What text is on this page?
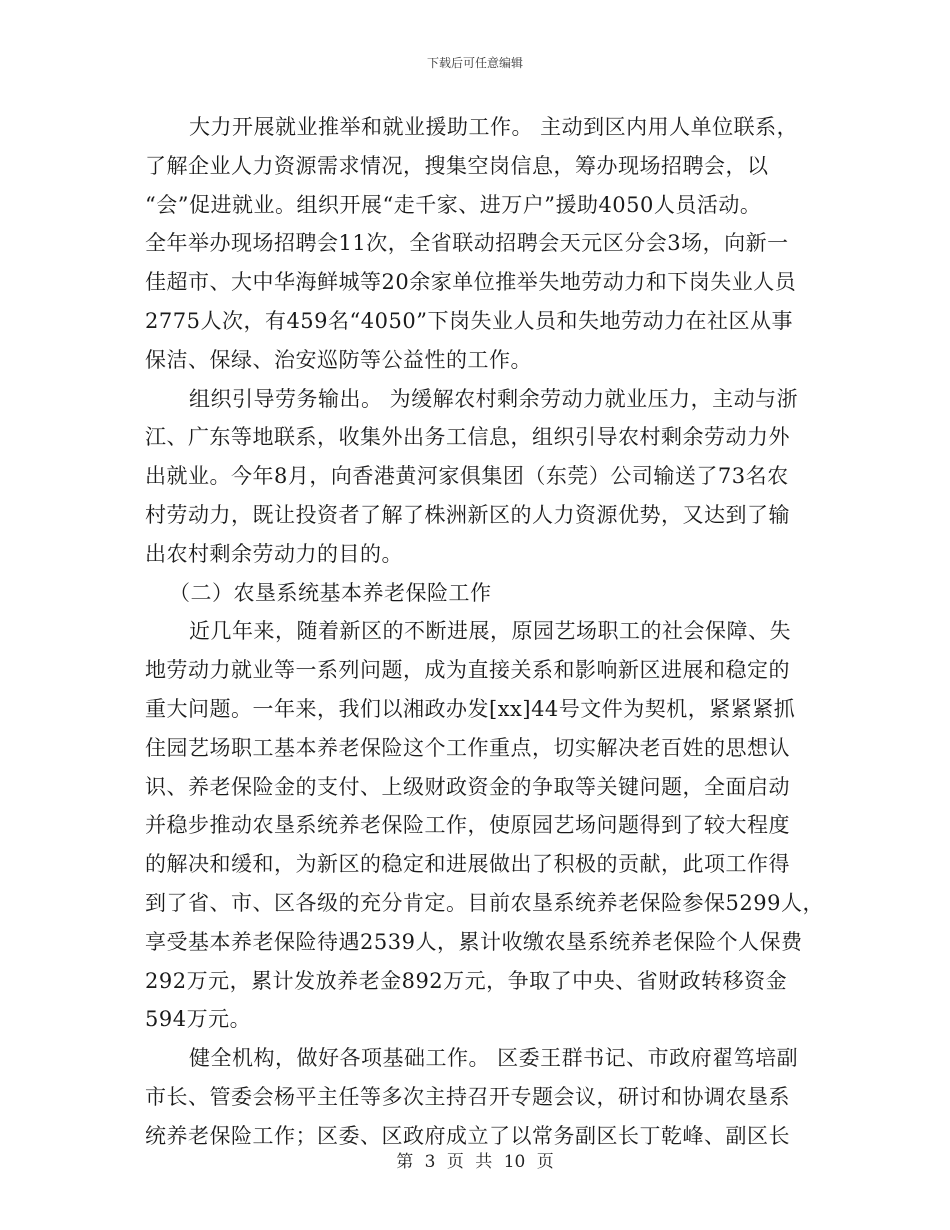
下载后可任意编辑
大力开展就业推举和就业援助工作。 主动到区内用人单位联系，
了解企业人力资源需求情况，搜集空岗信息，筹办现场招聘会，以
“会”促进就业。组织开展“走千家、进万户”援助4050人员活动。
全年举办现场招聘会11次，全省联动招聘会天元区分会3场，向新一
佳超市、大中华海鲜城等20余家单位推举失地劳动力和下岗失业人员
2775人次，有459名“4050”下岗失业人员和失地劳动力在社区从事
保洁、保绿、治安巡防等公益性的工作。
组织引导劳务输出。 为缓解农村剩余劳动力就业压力，主动与浙
江、广东等地联系，收集外出务工信息，组织引导农村剩余劳动力外
出就业。今年8月，向香港黄河家俱集团（东莞）公司输送了73名农
村劳动力，既让投资者了解了株洲新区的人力资源优势，又达到了输
出农村剩余劳动力的目的。
（二）农垦系统基本养老保险工作
近几年来，随着新区的不断进展，原园艺场职工的社会保障、失
地劳动力就业等一系列问题，成为直接关系和影响新区进展和稳定的
重大问题。一年来，我们以湘政办发[xx]44号文件为契机，紧紧紧抓
住园艺场职工基本养老保险这个工作重点，切实解决老百姓的思想认
识、养老保险金的支付、上级财政资金的争取等关键问题，全面启动
并稳步推动农垦系统养老保险工作，使原园艺场问题得到了较大程度
的解决和缓和，为新区的稳定和进展做出了积极的贡献，此项工作得
到了省、市、区各级的充分肯定。目前农垦系统养老保险参保5299人，
享受基本养老保险待遇2539人，累计收缴农垦系统养老保险个人保费
292万元，累计发放养老金892万元，争取了中央、省财政转移资金
594万元。
健全机构，做好各项基础工作。 区委王群书记、市政府翟笃培副
市长、管委会杨平主任等多次主持召开专题会议，研讨和协调农垦系
统养老保险工作；区委、区政府成立了以常务副区长丁乾峰、副区长
第 3 页 共 10 页
